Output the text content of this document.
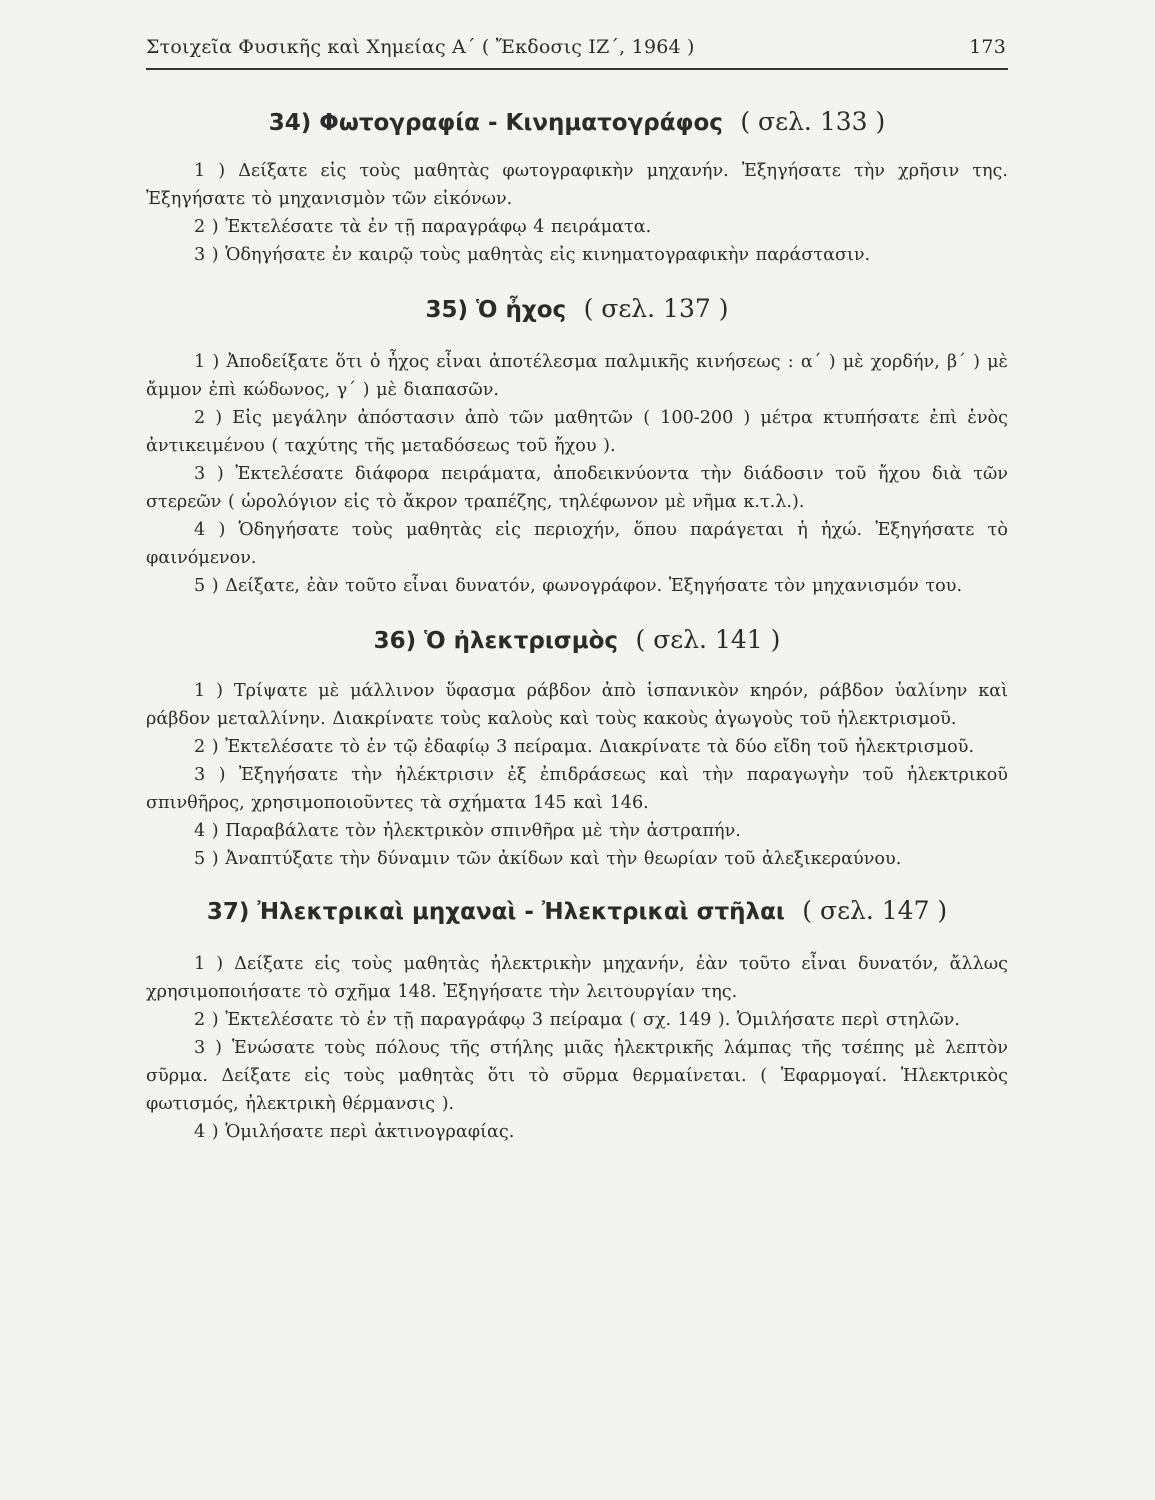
Στοιχεῖα Φυσικῆς καὶ Χημείας Α΄ ( Ἔκδοσις ΙΖ΄, 1964 )	173
34) Φωτογραφία - Κινηματογράφος ( σελ. 133 )

1 ) Δείξατε εἰς τοὺς μαθητὰς φωτογραφικὴν μηχανήν. Ἐξηγήσατε τὴν χρῆσιν της. Ἐξηγήσατε τὸ μηχανισμὸν τῶν εἰκόνων.

2 ) Ἐκτελέσατε τὰ ἐν τῇ παραγράφῳ 4 πειράματα.

3 ) Ὁδηγήσατε ἐν καιρῷ τοὺς μαθητὰς εἰς κινηματογραφικὴν παράστασιν.

35) Ὁ ἦχος ( σελ. 137 )

1 ) Ἀποδείξατε ὅτι ὁ ἦχος εἶναι ἀποτέλεσμα παλμικῆς κινήσεως : α΄ ) μὲ χορδήν, β΄ ) μὲ ἄμμον ἐπὶ κώδωνος, γ΄ ) μὲ διαπασῶν.

2 ) Εἰς μεγάλην ἀπόστασιν ἀπὸ τῶν μαθητῶν ( 100-200 ) μέτρα κτυπήσατε ἐπὶ ἑνὸς ἀντικειμένου ( ταχύτης τῆς μεταδόσεως τοῦ ἤχου ).

3 ) Ἐκτελέσατε διάφορα πειράματα, ἀποδεικνύοντα τὴν διάδοσιν τοῦ ἤχου διὰ τῶν στερεῶν ( ὡρολόγιον εἰς τὸ ἄκρον τραπέζης, τηλέφωνον μὲ νῆμα κ.τ.λ.).

4 ) Ὁδηγήσατε τοὺς μαθητὰς εἰς περιοχήν, ὅπου παράγεται ἡ ἠχώ. Ἐξηγήσατε τὸ φαινόμενον.

5 ) Δείξατε, ἐὰν τοῦτο εἶναι δυνατόν, φωνογράφον. Ἐξηγήσατε τὸν μηχανισμόν του.

36) Ὁ ἠλεκτρισμὸς ( σελ. 141 )

1 ) Τρίψατε μὲ μάλλινον ὕφασμα ράβδον ἀπὸ ἱσπανικὸν κηρόν, ράβδον ὑαλίνην καὶ ράβδον μεταλλίνην. Διακρίνατε τοὺς καλοὺς καὶ τοὺς κακοὺς ἀγωγοὺς τοῦ ἠλεκτρισμοῦ.

2 ) Ἐκτελέσατε τὸ ἐν τῷ ἐδαφίῳ 3 πείραμα. Διακρίνατε τὰ δύο εἴδη τοῦ ἠλεκτρισμοῦ.

3 ) Ἐξηγήσατε τὴν ἠλέκτρισιν ἐξ ἐπιδράσεως καὶ τὴν παραγωγὴν τοῦ ἠλεκτρικοῦ σπινθῆρος, χρησιμοποιοῦντες τὰ σχήματα 145 καὶ 146.

4 ) Παραβάλατε τὸν ἠλεκτρικὸν σπινθῆρα μὲ τὴν ἀστραπήν.

5 ) Ἀναπτύξατε τὴν δύναμιν τῶν ἀκίδων καὶ τὴν θεωρίαν τοῦ ἀλεξικεραύνου.

37) Ἠλεκτρικαὶ μηχαναὶ - Ἠλεκτρικαὶ στῆλαι ( σελ. 147 )

1 ) Δείξατε εἰς τοὺς μαθητὰς ἠλεκτρικὴν μηχανήν, ἐὰν τοῦτο εἶναι δυνατόν, ἄλλως χρησιμοποιήσατε τὸ σχῆμα 148. Ἐξηγήσατε τὴν λειτουργίαν της.

2 ) Ἐκτελέσατε τὸ ἐν τῇ παραγράφῳ 3 πείραμα ( σχ. 149 ). Ὁμιλήσατε περὶ στηλῶν.

3 ) Ἑνώσατε τοὺς πόλους τῆς στήλης μιᾶς ἠλεκτρικῆς λάμπας τῆς τσέπης μὲ λεπτὸν σῦρμα. Δείξατε εἰς τοὺς μαθητὰς ὅτι τὸ σῦρμα θερμαίνεται. ( Ἐφαρμογαί. Ἠλεκτρικὸς φωτισμός, ἠλεκτρικὴ θέρμανσις ).

4 ) Ὁμιλήσατε περὶ ἀκτινογραφίας.
